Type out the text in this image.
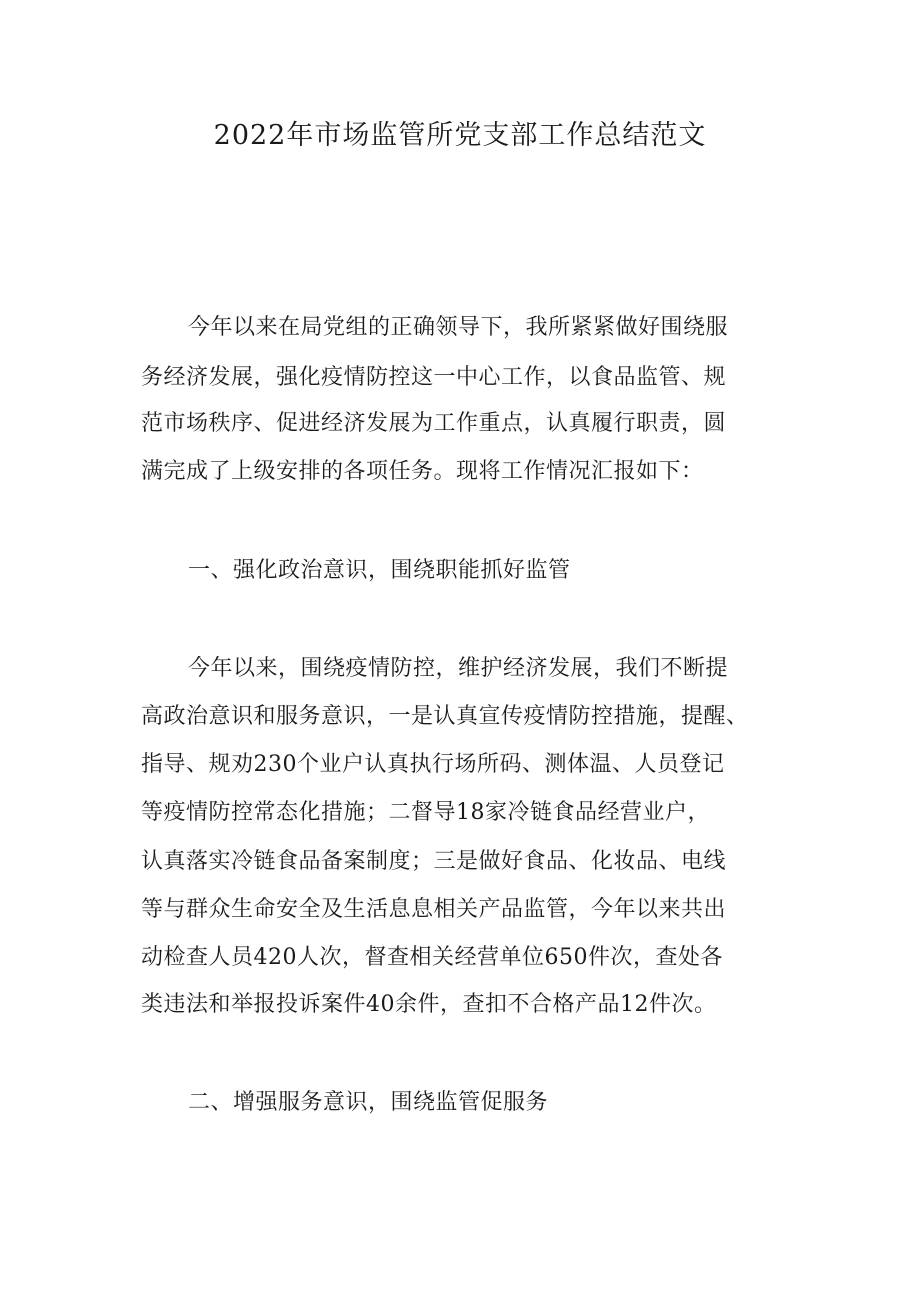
2022年市场监管所党支部工作总结范文
今年以来在局党组的正确领导下，我所紧紧做好围绕服
务经济发展，强化疫情防控这一中心工作，以食品监管、规
范市场秩序、促进经济发展为工作重点，认真履行职责，圆
满完成了上级安排的各项任务。现将工作情况汇报如下：
一、强化政治意识，围绕职能抓好监管
今年以来，围绕疫情防控，维护经济发展，我们不断提
高政治意识和服务意识，一是认真宣传疫情防控措施，提醒、
指导、规劝230个业户认真执行场所码、测体温、人员登记
等疫情防控常态化措施；二督导18家冷链食品经营业户，
认真落实冷链食品备案制度；三是做好食品、化妆品、电线
等与群众生命安全及生活息息相关产品监管，今年以来共出
动检查人员420人次，督查相关经营单位650件次，查处各
类违法和举报投诉案件40余件，查扣不合格产品12件次。
二、增强服务意识，围绕监管促服务
